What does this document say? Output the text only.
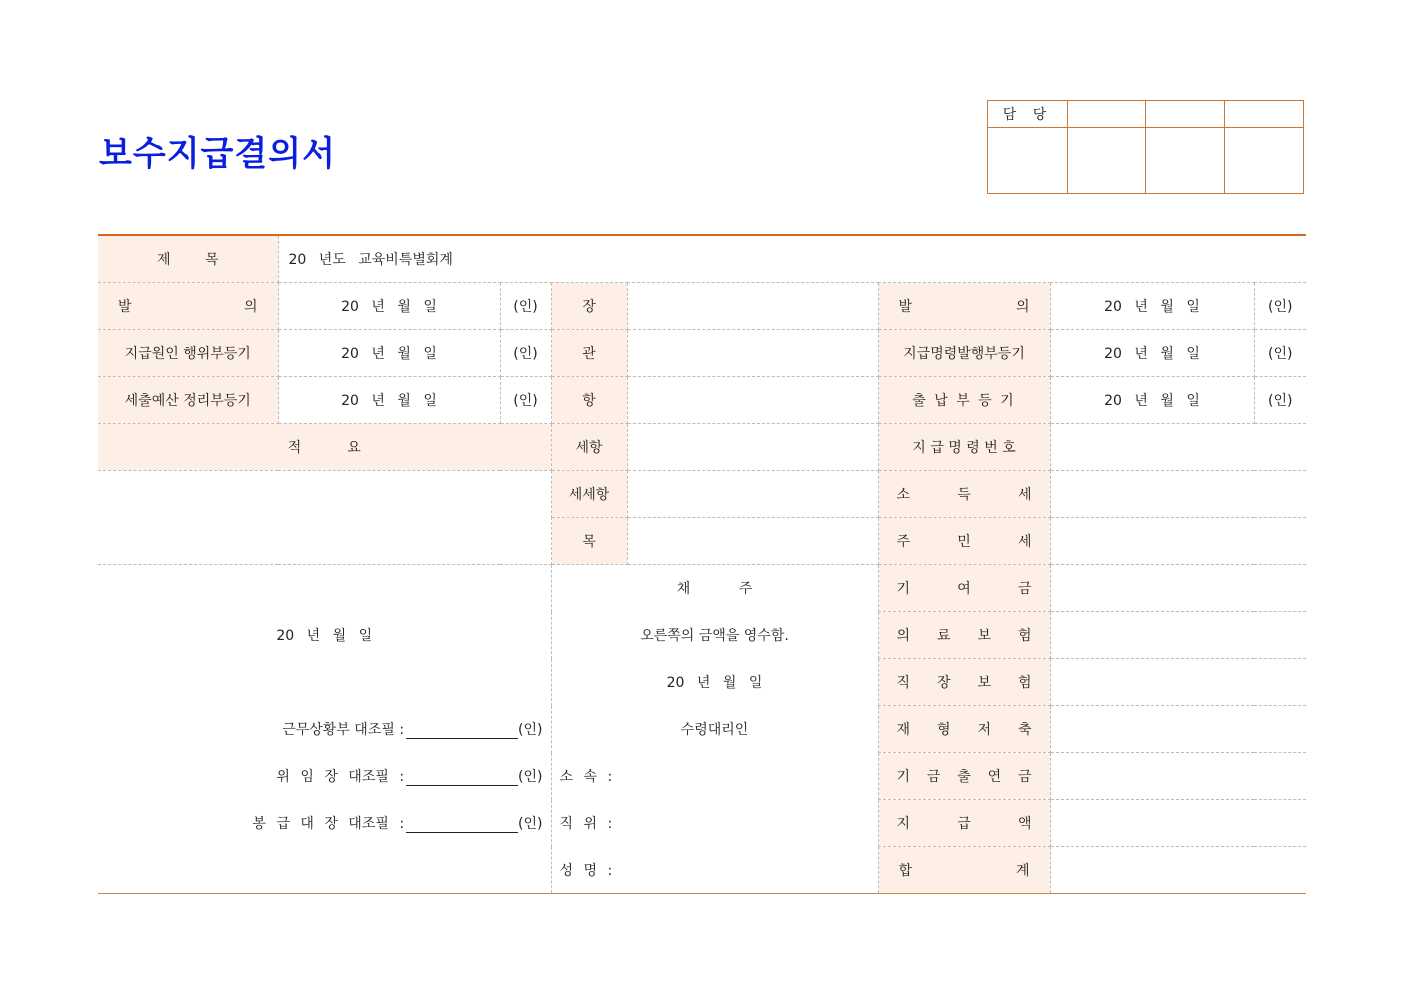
보수지급결의서
담 당			

제 목	20 년도 교육비특별회계						

발 의	20 년 월 일	(인)	장		발 의	20 년 월 일	(인)
지급원인 행위부등기	20 년 월 일	(인)	관		지급명령발행부등기	20 년 월 일	(인)
세출예산 정리부등기	20 년 월 일	(인)	항		출 납 부 등 기	20 년 월 일	(인)
적 요			세항		지 급 명 령 번 호		
			세세항		소 득 세		

			목		주 민 세		

			채 주		기 여 금		

20 년 월 일			오른쪽의 금액을 영수함.		의 료 보 험		

			20 년 월 일		직 장 보 험		

근무상황부 대조필 : (인)			수령대리인		재 형 저 축		

위 임 장 대조필 : (인)			소 속 :		기 금 출 연 금		

봉 급 대 장 대조필 : (인)			직 위 :		지 급 액		

			성 명 :		합 계		
